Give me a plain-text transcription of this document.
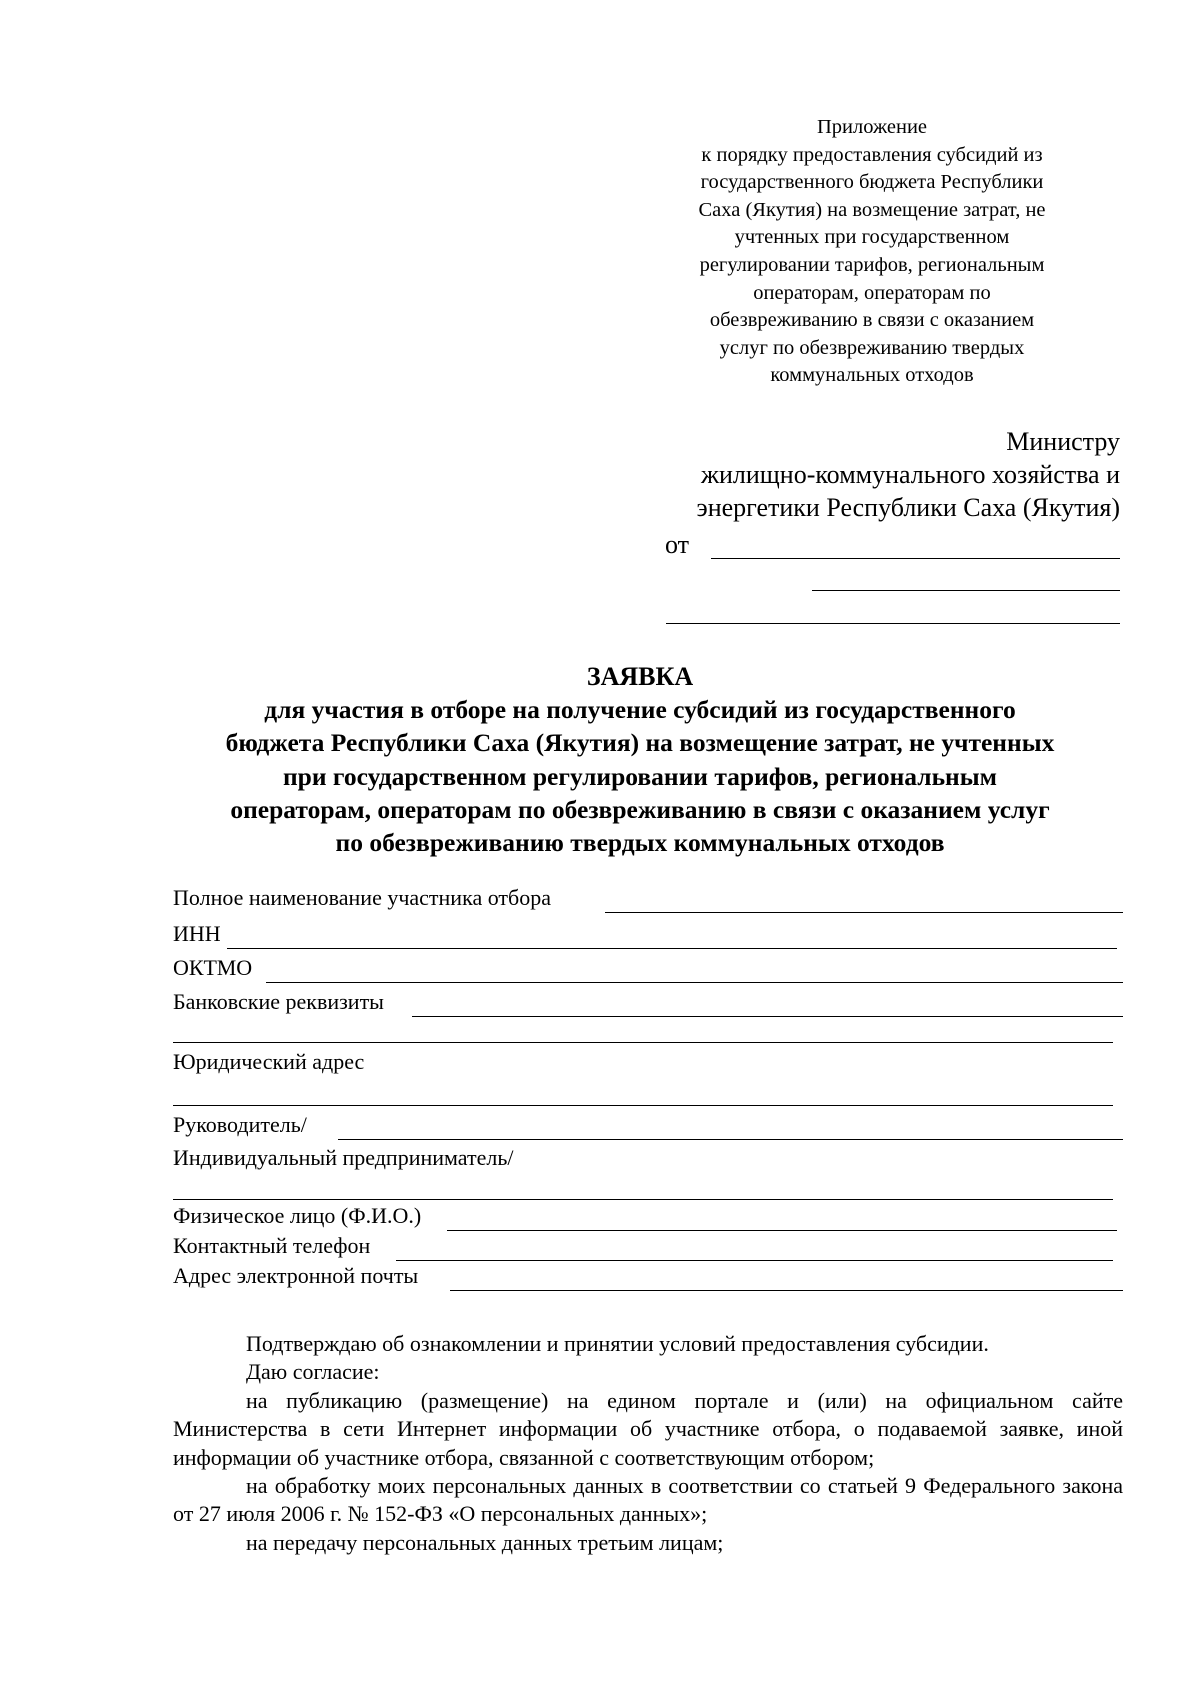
Приложение
к порядку предоставления субсидий из
государственного бюджета Республики
Саха (Якутия) на возмещение затрат, не
учтенных при государственном
регулировании тарифов, региональным
операторам, операторам по
обезвреживанию в связи с оказанием
услуг по обезвреживанию твердых
коммунальных отходов
Министру
жилищно-коммунального хозяйства и
энергетики Республики Саха (Якутия)
от
ЗАЯВКА
для участия в отборе на получение субсидий из государственного
бюджета Республики Саха (Якутия) на возмещение затрат, не учтенных
при государственном регулировании тарифов, региональным
операторам, операторам по обезвреживанию в связи с оказанием услуг
по обезвреживанию твердых коммунальных отходов
Полное наименование участника отбора
ИНН
ОКТМО
Банковские реквизиты
Юридический адрес
Руководитель/
Индивидуальный предприниматель/
Физическое лицо (Ф.И.О.)
Контактный телефон
Адрес электронной почты

Подтверждаю об ознакомлении и принятии условий предоставления субсидии.

Даю согласие:

на публикацию (размещение) на едином портале и (или) на официальном сайте Министерства в сети Интернет информации об участнике отбора, о подаваемой заявке, иной информации об участнике отбора, связанной с соответствующим отбором;

на обработку моих персональных данных в соответствии со статьей 9 Федерального закона от 27 июля 2006 г. № 152-ФЗ «О персональных данных»;

на передачу персональных данных третьим лицам;
